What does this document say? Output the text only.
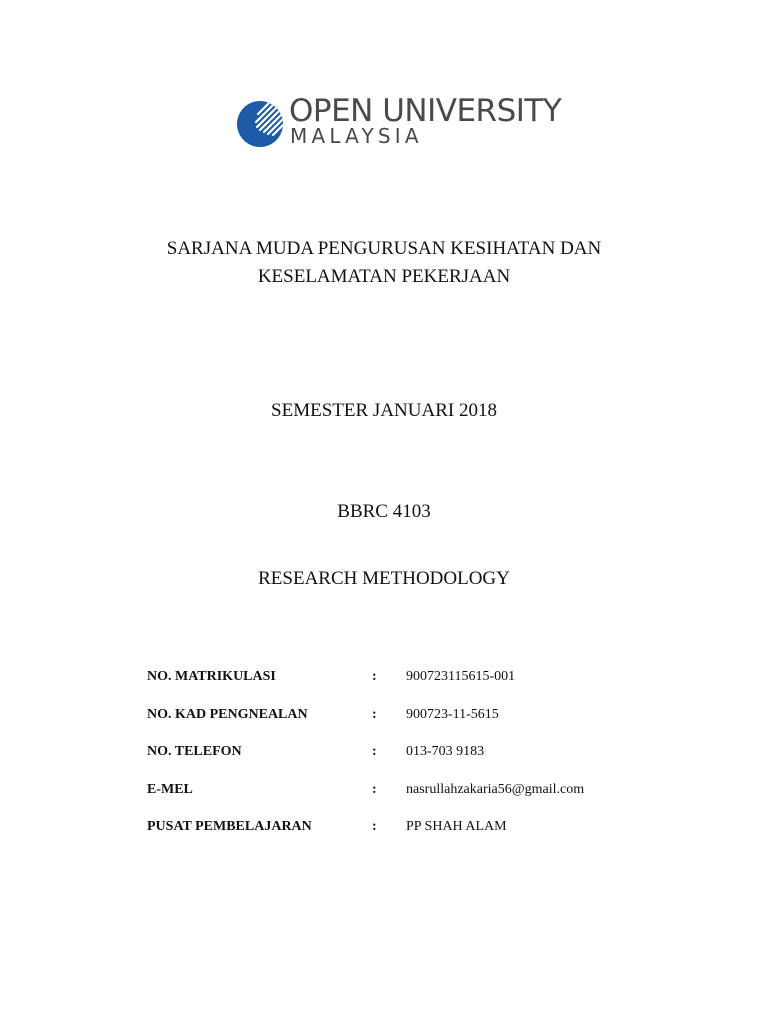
OPEN UNIVERSITY
MALAYSIA
SARJANA MUDA PENGURUSAN KESIHATAN DAN
KESELAMATAN PEKERJAAN
SEMESTER JANUARI 2018
BBRC 4103
RESEARCH METHODOLOGY
NO. MATRIKULASI	: 900723115615-001
NO. KAD PENGNEALAN	: 900723-11-5615
NO. TELEFON	: 013-703 9183
E-MEL	: nasrullahzakaria56@gmail.com
PUSAT PEMBELAJARAN	: PP SHAH ALAM
